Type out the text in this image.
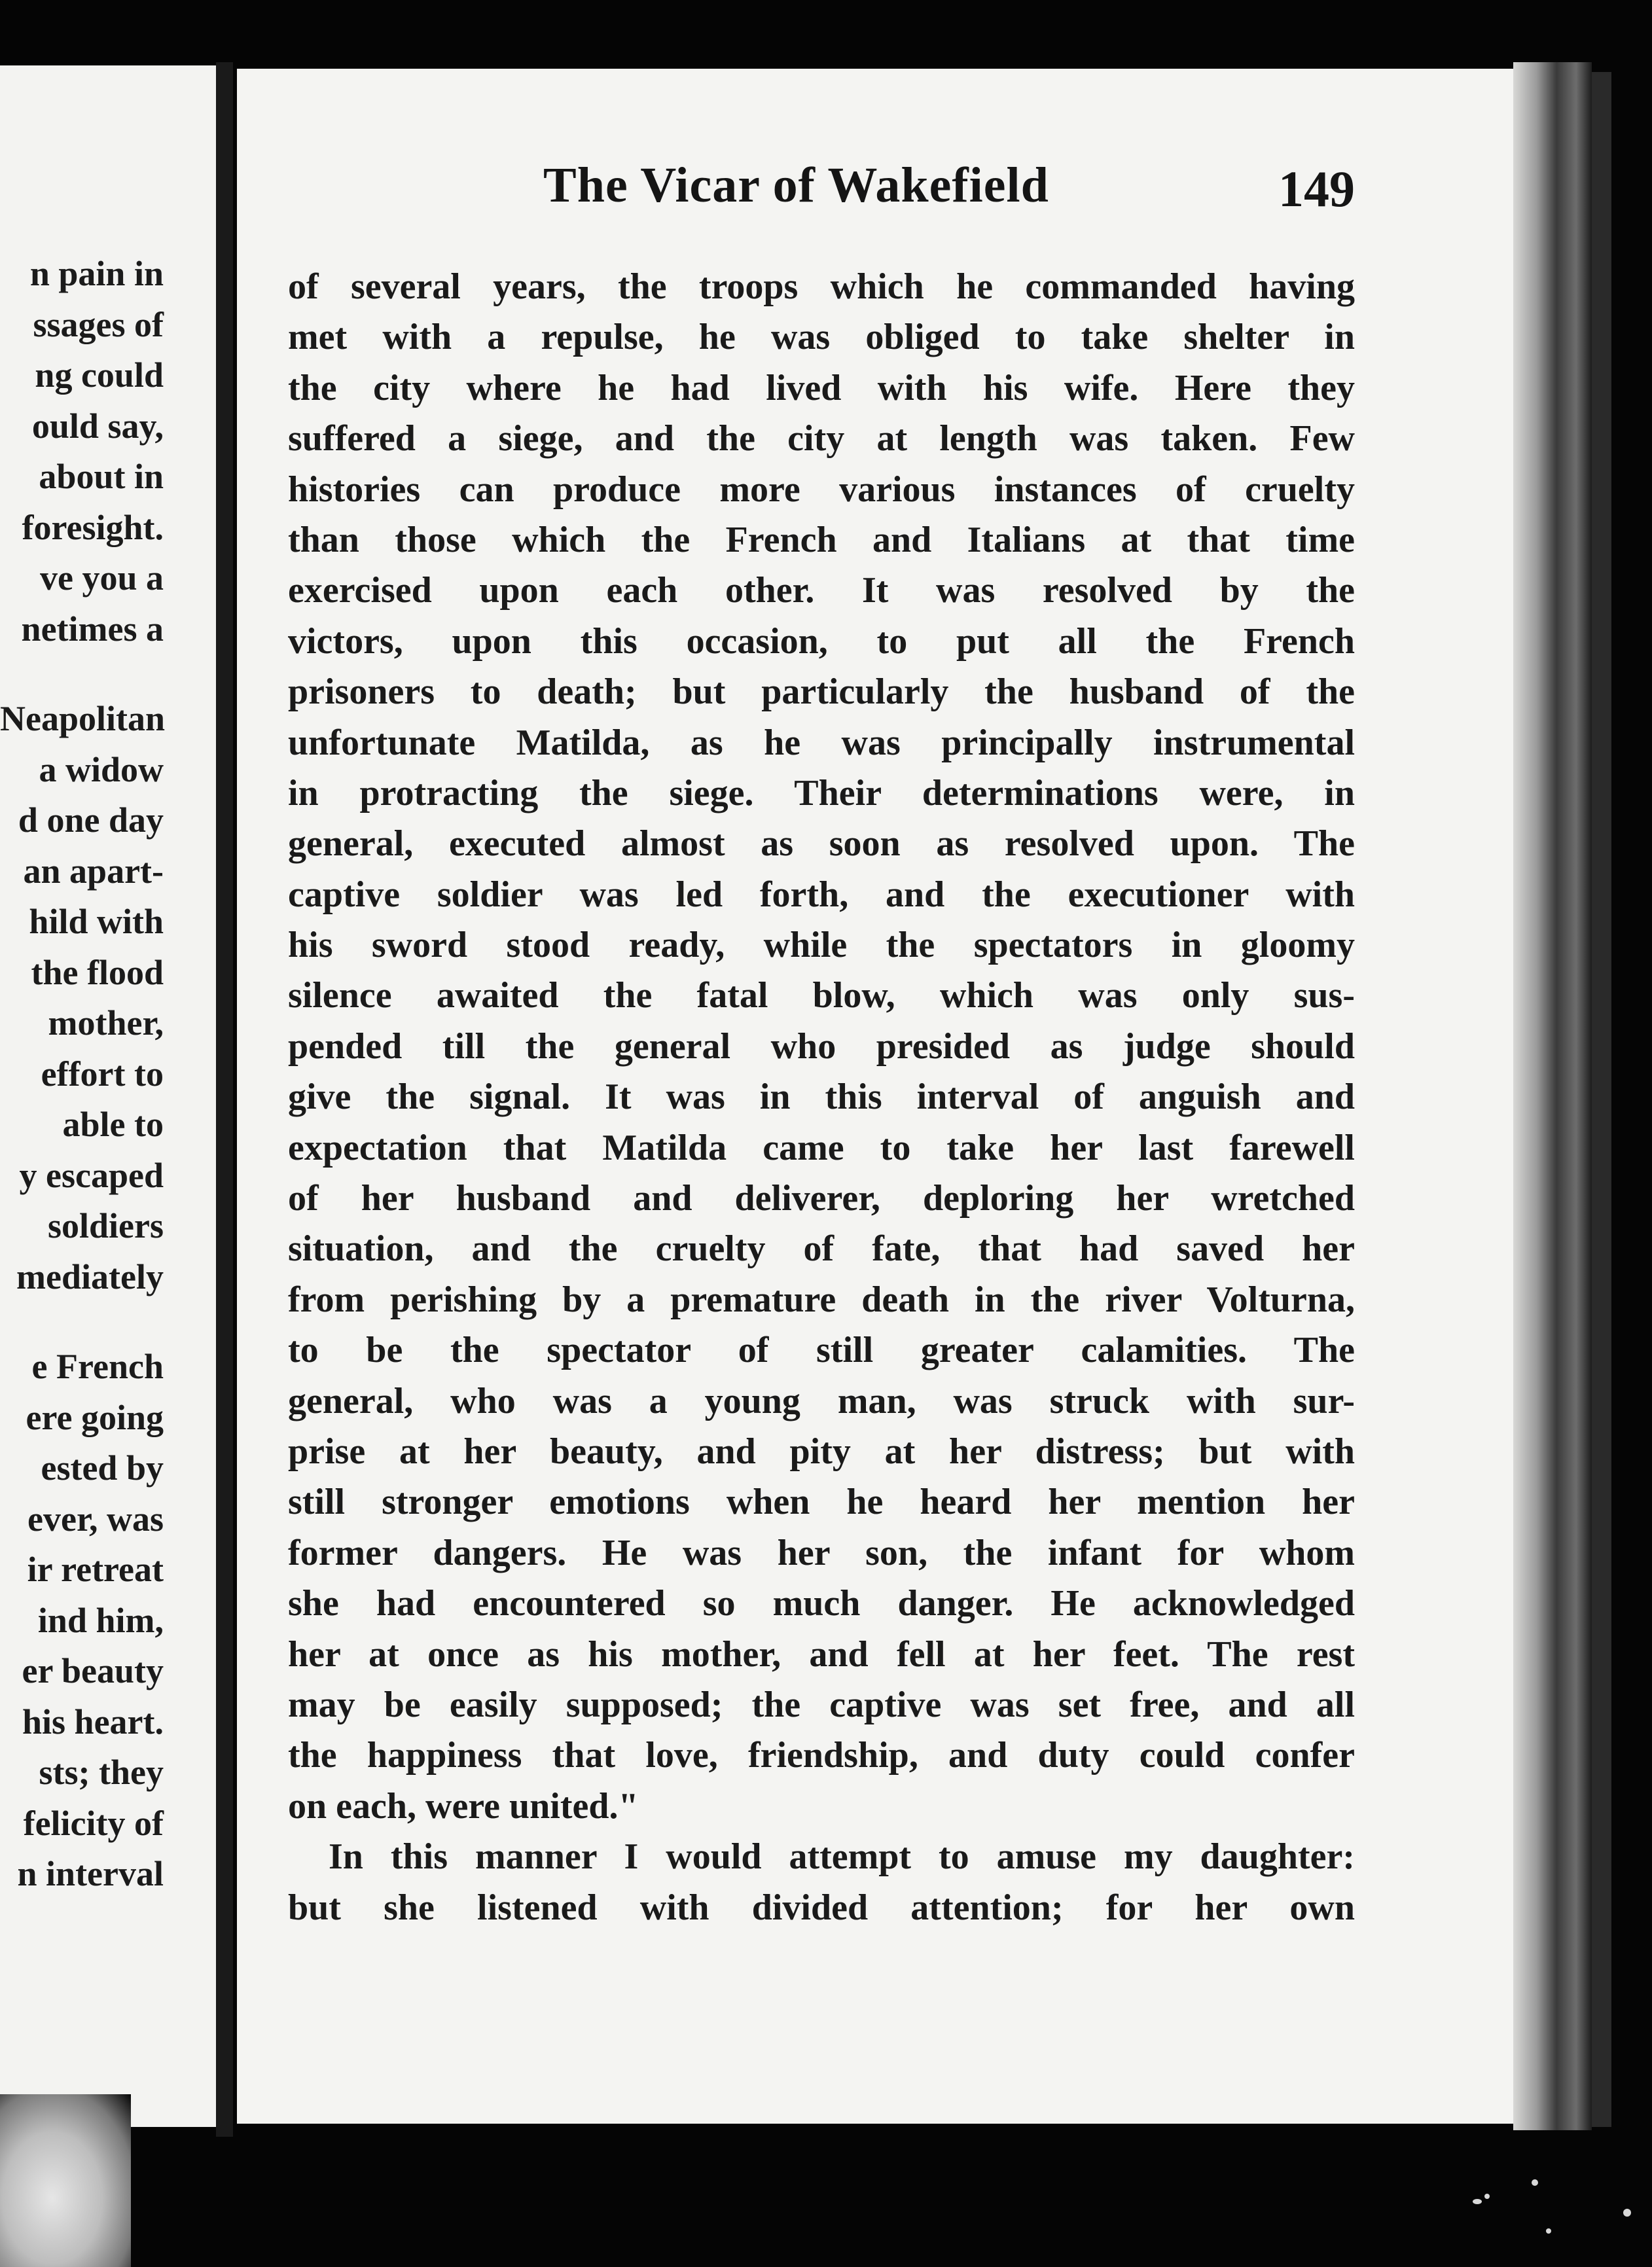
n pain in
ssages of
ng could
ould say,
about in
foresight.
ve you a
netimes a
Neapolitan
a widow
d one day
an apart-
hild with
the flood
mother,
effort to
able to
y escaped
soldiers
mediately
e French
ere going
ested by
ever, was
ir retreat
ind him,
er beauty
his heart.
sts; they
felicity of
n interval
The Vicar of Wakefield	149
of several years, the troops which he commanded having
met with a repulse, he was obliged to take shelter in
the city where he had lived with his wife. Here they
suffered a siege, and the city at length was taken. Few
histories can produce more various instances of cruelty
than those which the French and Italians at that time
exercised upon each other. It was resolved by the
victors, upon this occasion, to put all the French
prisoners to death; but particularly the husband of the
unfortunate Matilda, as he was principally instrumental
in protracting the siege. Their determinations were, in
general, executed almost as soon as resolved upon. The
captive soldier was led forth, and the executioner with
his sword stood ready, while the spectators in gloomy
silence awaited the fatal blow, which was only sus-
pended till the general who presided as judge should
give the signal. It was in this interval of anguish and
expectation that Matilda came to take her last farewell
of her husband and deliverer, deploring her wretched
situation, and the cruelty of fate, that had saved her
from perishing by a premature death in the river Volturna,
to be the spectator of still greater calamities. The
general, who was a young man, was struck with sur-
prise at her beauty, and pity at her distress; but with
still stronger emotions when he heard her mention her
former dangers. He was her son, the infant for whom
she had encountered so much danger. He acknowledged
her at once as his mother, and fell at her feet. The rest
may be easily supposed; the captive was set free, and all
the happiness that love, friendship, and duty could confer
on each, were united."
In this manner I would attempt to amuse my daughter:
but she listened with divided attention; for her own
